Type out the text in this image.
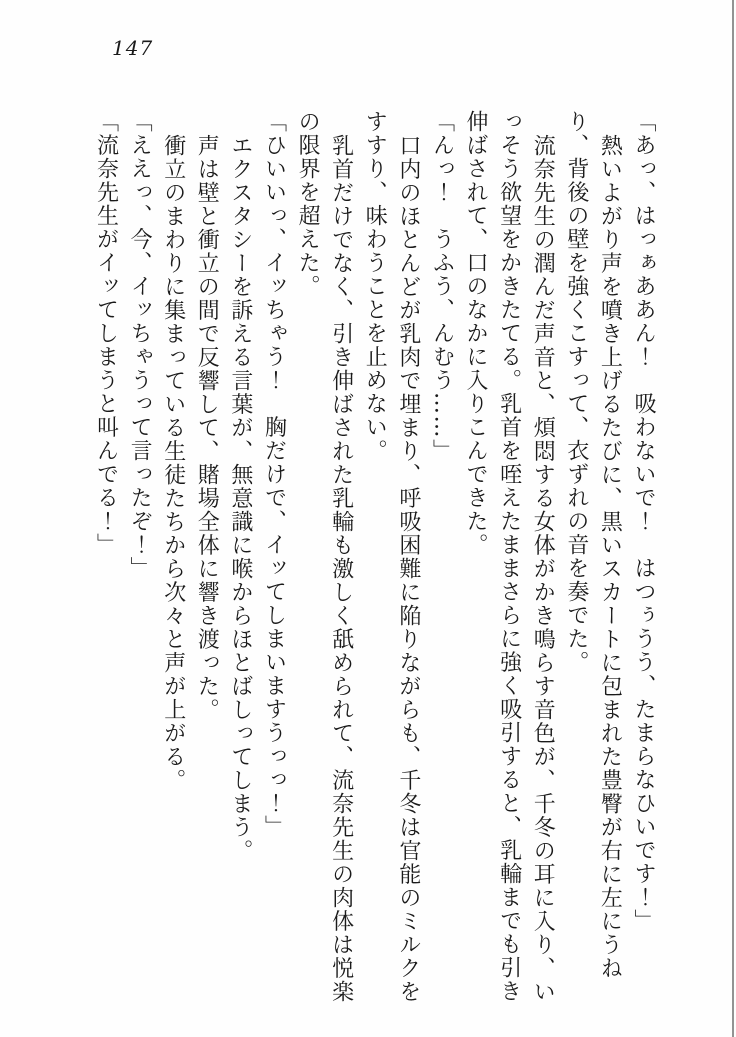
147

「あっ、はっぁああん！　吸わないで！　はつぅうう、たまらなひいです！」

熱いよがり声を噴き上げるたびに、黒いスカートに包まれた豊臀が右に左にうねり、背後の壁を強くこすって、衣ずれの音を奏でた。

流奈先生の潤んだ声音と、煩悶する女体がかき鳴らす音色が、千冬の耳に入り、いっそう欲望をかきたてる。乳首を咥えたままさらに強く吸引すると、乳輪までも引き伸ばされて、口のなかに入りこんできた。

「んっ！　うふう、んむう……」

口内のほとんどが乳肉で埋まり、呼吸困難に陥りながらも、千冬は官能のミルクをすすり、味わうことを止めない。

乳首だけでなく、引き伸ばされた乳輪も激しく舐められて、流奈先生の肉体は悦楽の限界を超えた。

「ひいいっ、イッちゃう！　胸だけで、イッてしまいますうっっ！」

エクスタシーを訴える言葉が、無意識に喉からほとばしってしまう。

声は壁と衝立の間で反響して、賭場全体に響き渡った。

衝立のまわりに集まっている生徒たちから次々と声が上がる。

「ええっ、今、イッちゃうって言ったぞ！」

「流奈先生がイッてしまうと叫んでる！」
